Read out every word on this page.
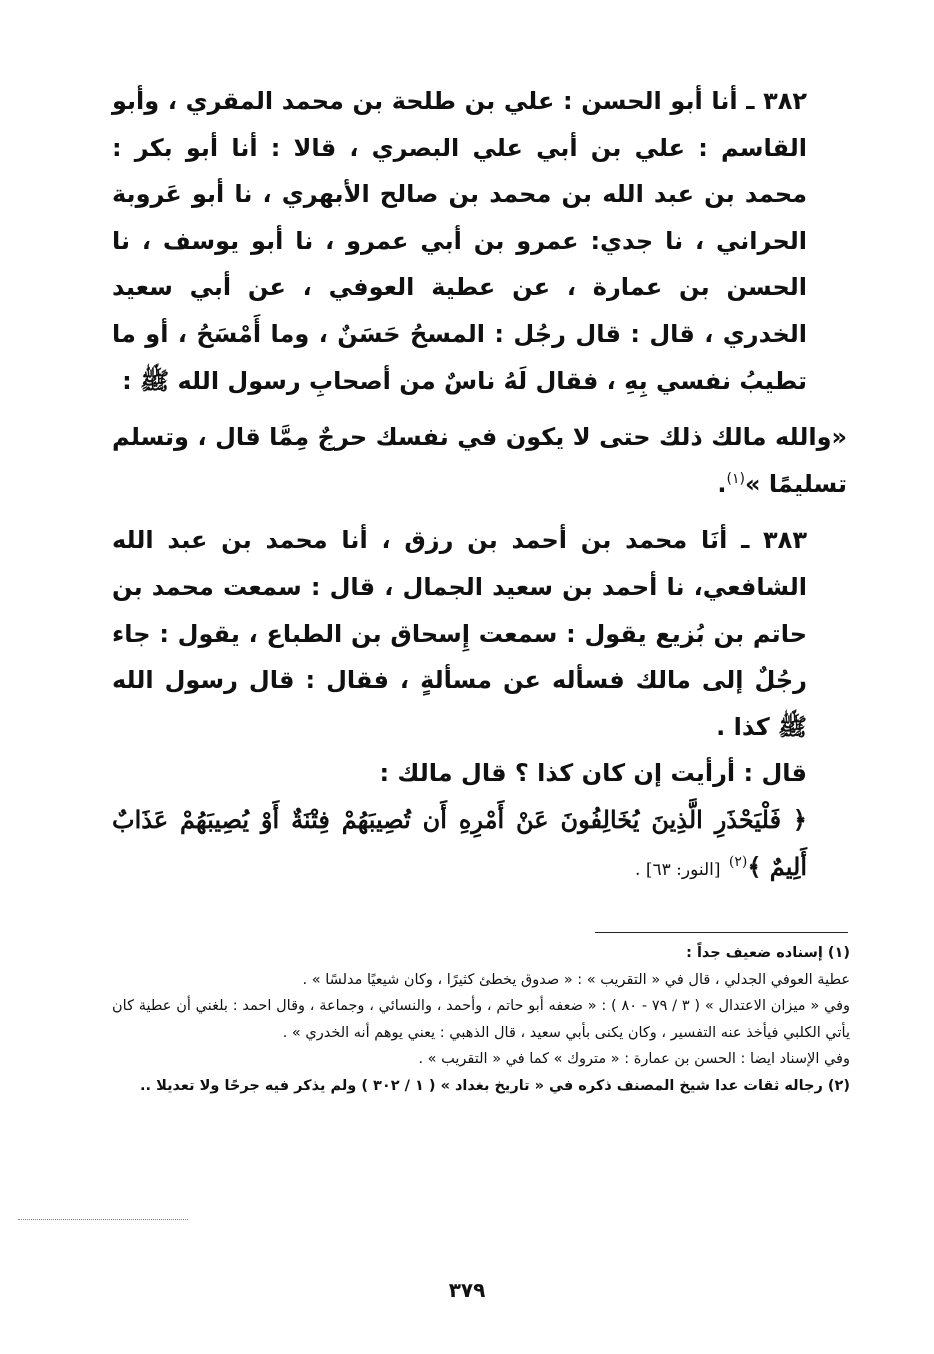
٣٨٢ ـ أنا أبو الحسن : علي بن طلحة بن محمد المقري ، وأبو القاسم : علي بن أبي علي البصري ، قالا : أنا أبو بكر : محمد بن عبد الله بن محمد بن صالح الأبهري ، نا أبو عَروبة الحراني ، نا جدي: عمرو بن أبي عمرو ، نا أبو يوسف ، نا الحسن بن عمارة ، عن عطية العوفي ، عن أبي سعيد الخدري ، قال : قال رجُل : المسحُ حَسَنٌ ، وما أَمْسَحُ ، أو ما تطيبُ نفسي بِهِ ، فقال لَهُ ناسٌ من أصحابِ رسول الله ﷺ :

«والله مالك ذلك حتى لا يكون في نفسك حرجٌ مِمَّا قال ، وتسلم تسليمًا »$^{(١)}$.

٣٨٣ ـ أنَا محمد بن أحمد بن رزق ، أنا محمد بن عبد الله الشافعي، نا أحمد بن سعيد الجمال ، قال : سمعت محمد بن حاتم بن بُزيع يقول : سمعت إِسحاق بن الطباع ، يقول : جاء رجُلٌ إلى مالك فسأله عن مسألةٍ ، فقال : قال رسول الله ﷺ كذا .

قال : أرأيت إن كان كذا ؟ قال مالك :

﴿ فَلْيَحْذَرِ الَّذِينَ يُخَالِفُونَ عَنْ أَمْرِهِ أَن تُصِيبَهُمْ فِتْنَةٌ أَوْ يُصِيبَهُمْ عَذَابٌ أَلِيمٌ ﴾$^{(٢)}$ [النور: ٦٣] .

(١) إسناده ضعيف جداً :

عطية العوفي الجدلي ، قال في « التقريب » : « صدوق يخطئ كثيرًا ، وكان شيعيًا مدلسًا » .

وفي « ميزان الاعتدال » ( ٣ / ٧٩ - ٨٠ ) : « ضعفه أبو حاتم ، وأحمد ، والنسائي ، وجماعة ، وقال احمد : بلغني أن عطية كان يأتي الكلبي فيأخذ عنه التفسير ، وكان يكنى بأبي سعيد ، قال الذهبي : يعني يوهم أنه الخدري » .

وفي الإسناد ايضا : الحسن بن عمارة : « متروك » كما في « التقريب » .

(٢) رجاله ثقات عدا شيخ المصنف ذكره في « تاريخ بغداد » ( ١ / ٣٠٢ ) ولم يذكر فيه جرحًا ولا تعديلا ..

٣٧٩
